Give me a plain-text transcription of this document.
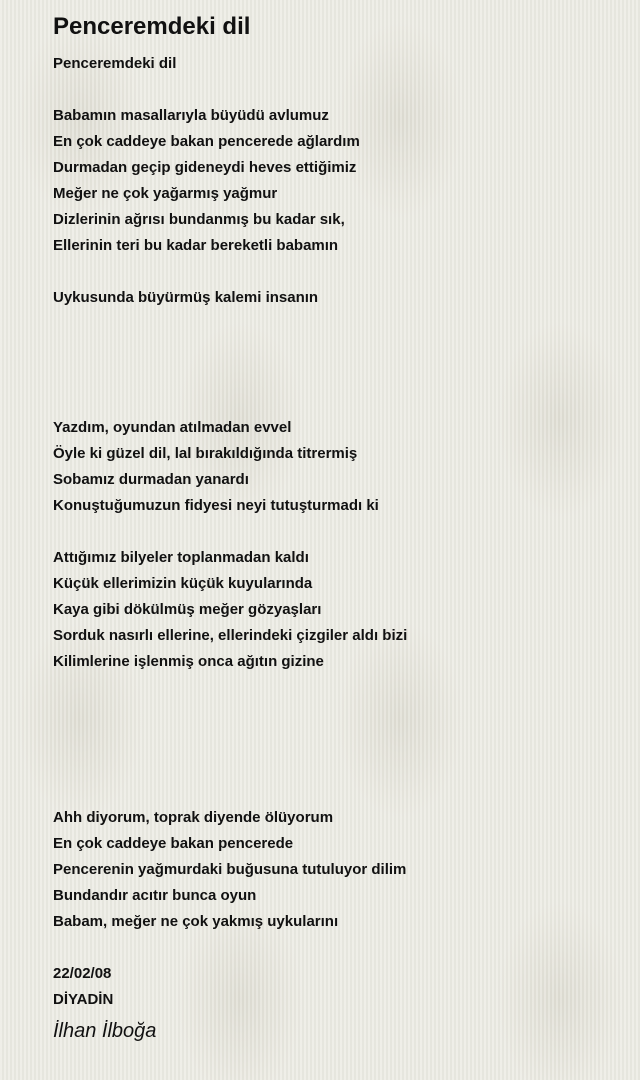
Penceremdeki dil
Penceremdeki dil
Babamın masallarıyla büyüdü avlumuz
En çok caddeye bakan pencerede ağlardım
Durmadan geçip gideneydi heves ettiğimiz
Meğer ne çok yağarmış yağmur
Dizlerinin ağrısı bundanmış bu kadar sık,
Ellerinin teri bu kadar bereketli babamın
Uykusunda büyürmüş kalemi insanın
Yazdım, oyundan atılmadan evvel
Öyle ki güzel dil, lal bırakıldığında titrermiş
Sobamız durmadan yanardı
Konuştuğumuzun fidyesi neyi tutuşturmadı ki
Attığımız bilyeler toplanmadan kaldı
Küçük ellerimizin küçük kuyularında
Kaya gibi dökülmüş meğer gözyaşları
Sorduk nasırlı ellerine, ellerindeki çizgiler aldı bizi
Kilimlerine işlenmiş onca ağıtın gizine
Ahh diyorum, toprak diyende ölüyorum
En çok caddeye bakan pencerede
Pencerenin yağmurdaki buğusuna tutuluyor dilim
Bundandır acıtır bunca oyun
Babam, meğer ne çok yakmış uykularını
22/02/08
DİYADİN
İlhan İlboğa
